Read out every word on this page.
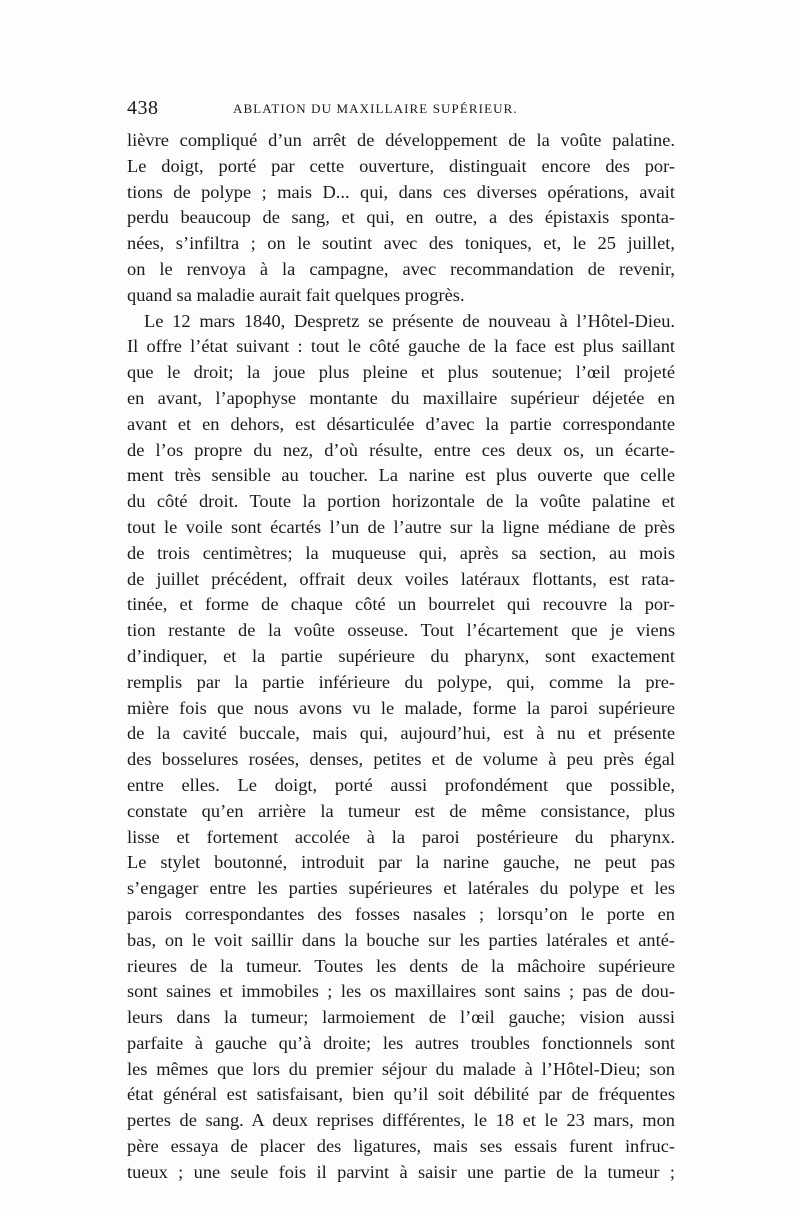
438	ABLATION DU MAXILLAIRE SUPÉRIEUR.
lièvre compliqué d’un arrêt de développement de la voûte palatine.
Le doigt, porté par cette ouverture, distinguait encore des por-
tions de polype ; mais D... qui, dans ces diverses opérations, avait
perdu beaucoup de sang, et qui, en outre, a des épistaxis sponta-
nées, s’infiltra ; on le soutint avec des toniques, et, le 25 juillet,
on le renvoya à la campagne, avec recommandation de revenir,
quand sa maladie aurait fait quelques progrès.
Le 12 mars 1840, Despretz se présente de nouveau à l’Hôtel-Dieu.
Il offre l’état suivant : tout le côté gauche de la face est plus saillant
que le droit; la joue plus pleine et plus soutenue; l’œil projeté
en avant, l’apophyse montante du maxillaire supérieur déjetée en
avant et en dehors, est désarticulée d’avec la partie correspondante
de l’os propre du nez, d’où résulte, entre ces deux os, un écarte-
ment très sensible au toucher. La narine est plus ouverte que celle
du côté droit. Toute la portion horizontale de la voûte palatine et
tout le voile sont écartés l’un de l’autre sur la ligne médiane de près
de trois centimètres; la muqueuse qui, après sa section, au mois
de juillet précédent, offrait deux voiles latéraux flottants, est rata-
tinée, et forme de chaque côté un bourrelet qui recouvre la por-
tion restante de la voûte osseuse. Tout l’écartement que je viens
d’indiquer, et la partie supérieure du pharynx, sont exactement
remplis par la partie inférieure du polype, qui, comme la pre-
mière fois que nous avons vu le malade, forme la paroi supérieure
de la cavité buccale, mais qui, aujourd’hui, est à nu et présente
des bosselures rosées, denses, petites et de volume à peu près égal
entre elles. Le doigt, porté aussi profondément que possible,
constate qu’en arrière la tumeur est de même consistance, plus
lisse et fortement accolée à la paroi postérieure du pharynx.
Le stylet boutonné, introduit par la narine gauche, ne peut pas
s’engager entre les parties supérieures et latérales du polype et les
parois correspondantes des fosses nasales ; lorsqu’on le porte en
bas, on le voit saillir dans la bouche sur les parties latérales et anté-
rieures de la tumeur. Toutes les dents de la mâchoire supérieure
sont saines et immobiles ; les os maxillaires sont sains ; pas de dou-
leurs dans la tumeur; larmoiement de l’œil gauche; vision aussi
parfaite à gauche qu’à droite; les autres troubles fonctionnels sont
les mêmes que lors du premier séjour du malade à l’Hôtel-Dieu; son
état général est satisfaisant, bien qu’il soit débilité par de fréquentes
pertes de sang. A deux reprises différentes, le 18 et le 23 mars, mon
père essaya de placer des ligatures, mais ses essais furent infruc-
tueux ; une seule fois il parvint à saisir une partie de la tumeur ;
